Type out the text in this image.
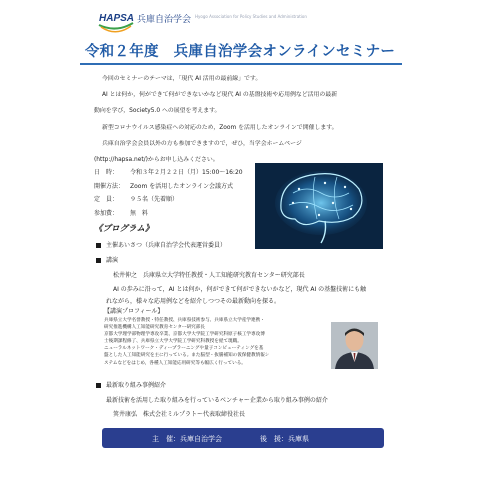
HAPSA 兵庫自治学会 Hyogo Association for Policy Studies and Administration
令和２年度　兵庫自治学会オンラインセミナー

今回のセミナーのテーマは，「現代 AI 活用の最前線」です。

AI とは何か，何ができて何ができないかなど現代 AI の基盤技術や応用例など活用の最新

動向を学び，Society5.0 への展望を考えます。

新型コロナウイルス感染症への対応のため，Zoom を活用したオンラインで開催します。

兵庫自治学会会員以外の方も参加できますので，ぜひ，当学会ホームページ

(http://hapsa.net/)からお申し込みください。

日　時： 令和３年２月２２日（月）15:00〜16:20
開催方法： Zoom を活用したオンライン会議方式
定　員： ９５名（先着順）
参加費： 無　料
《プログラム》
主催あいさつ（兵庫自治学会代表運営委員）
講演
松井伸之　兵庫県立大学特任教授・人工知能研究教育センター研究部長
AI の歩みに沿って，AI とは何か，何ができて何ができないかなど，現代 AI の基盤技術にも触
れながら，様々な応用例などを紹介しつつその最新動向を探る。
【講演プロフィール】
兵庫県立大学名誉教授・特任教授、兵庫県技術参与、兵庫県立大学産学連携・
研究推進機構人工知能研究教育センター研究部長
京都大学理学部物理学専攻卒業、京都大学大学院工学研究科原子核工学専攻博
士後期課程修了、兵庫県立大学大学院工学研究科教授を経て現職。
ニューラルネットワーク・ディープラーニングや量子コンピューティングを基
盤とした人工知能研究を主に行っている。また脳型・抜腸補知の仮保健教情報シ
ステムなどをはじめ，各種人工知能応用研究等も幅広く行っている。
最新取り組み事例紹介
最新技術を活用した取り組みを行っているベンチャー企業から取り組み事例の紹介
箕井康弘　株式会社ミルプラトー代表取締役社長
主　催：兵庫自治学会	後　援：兵庫県
